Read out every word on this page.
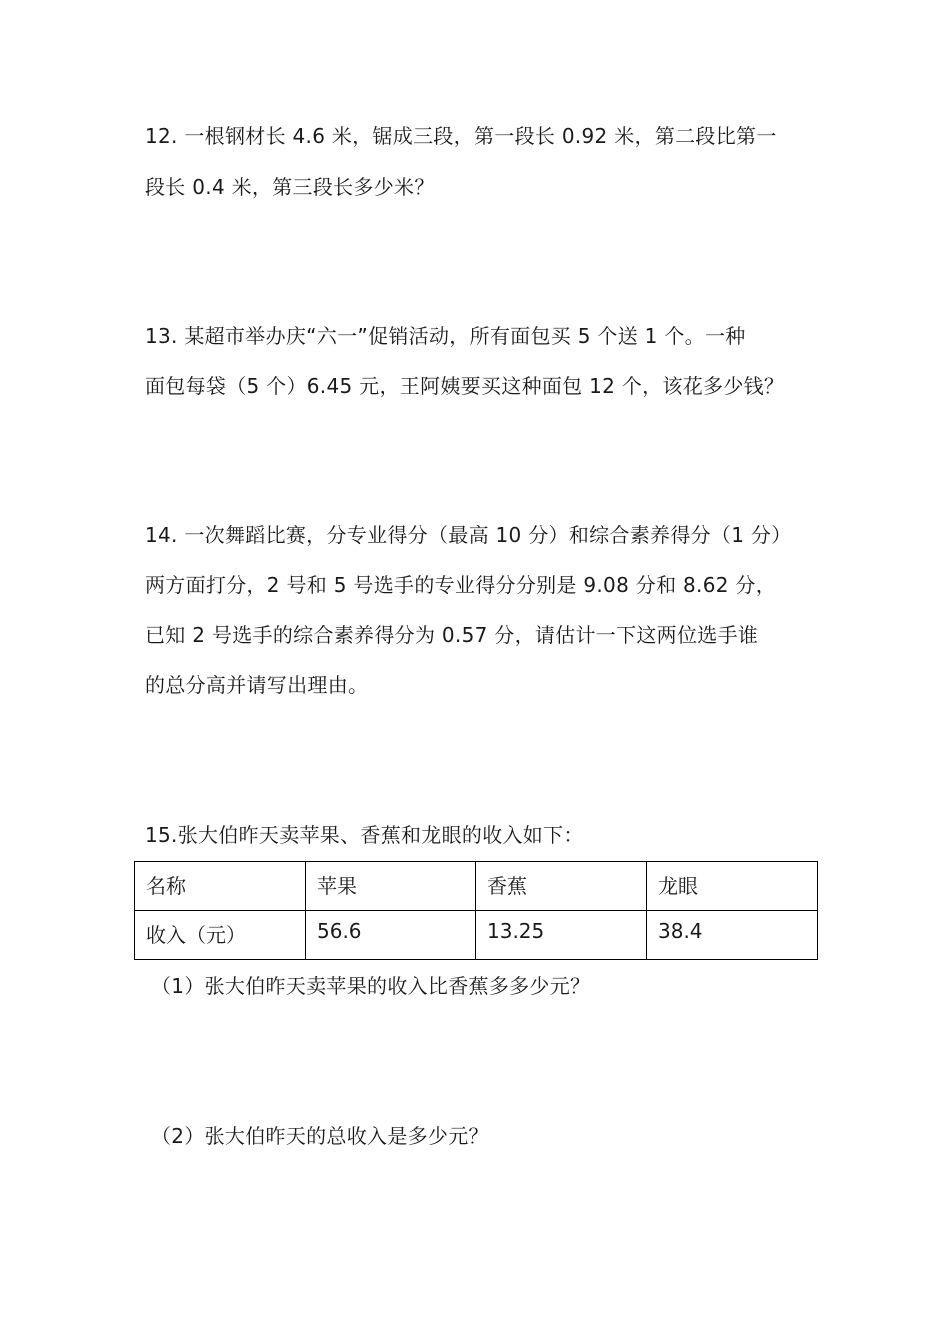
12. 一根钢材长 4.6 米，锯成三段，第一段长 0.92 米，第二段比第一
段长 0.4 米，第三段长多少米？
13. 某超市举办庆“六一”促销活动，所有面包买 5 个送 1 个。一种
面包每袋（5 个）6.45 元，王阿姨要买这种面包 12 个，该花多少钱？
14. 一次舞蹈比赛，分专业得分（最高 10 分）和综合素养得分（1 分）
两方面打分，2 号和 5 号选手的专业得分分别是 9.08 分和 8.62 分，
已知 2 号选手的综合素养得分为 0.57 分，请估计一下这两位选手谁
的总分高并请写出理由。
15.张大伯昨天卖苹果、香蕉和龙眼的收入如下：
名称	苹果	香蕉	龙眼
收入（元）	56.6	13.25	38.4
（1）张大伯昨天卖苹果的收入比香蕉多多少元？
（2）张大伯昨天的总收入是多少元？
